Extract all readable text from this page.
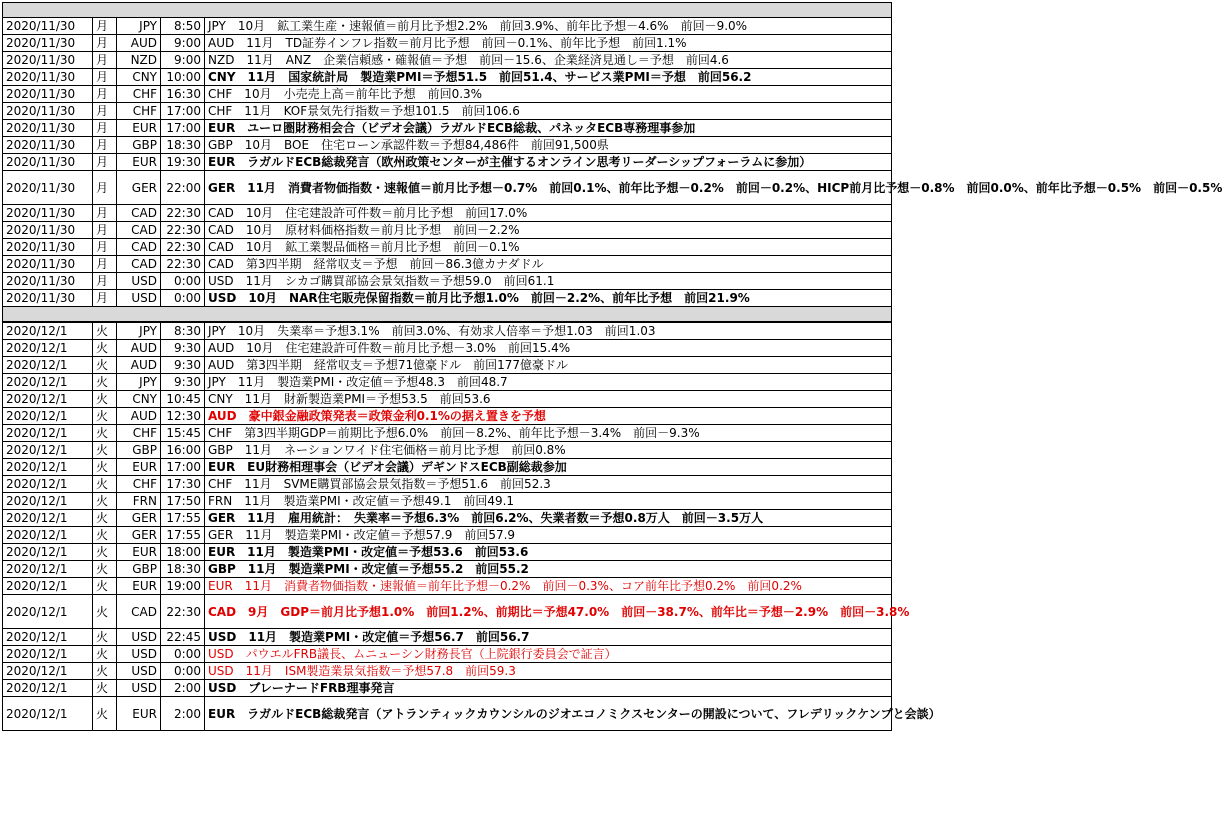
2020/11/30	月	JPY	8:50	JPY　10月　鉱工業生産・速報値＝前月比予想2.2%　前回3.9%、前年比予想－4.6%　前回－9.0%
2020/11/30	月	AUD	9:00	AUD　11月　TD証券インフレ指数＝前月比予想　前回－0.1%、前年比予想　前回1.1%
2020/11/30	月	NZD	9:00	NZD　11月　ANZ　企業信頼感・確報値＝予想　前回－15.6、企業経済見通し＝予想　前回4.6
2020/11/30	月	CNY	10:00	CNY　11月　国家統計局　製造業PMI＝予想51.5　前回51.4、サービス業PMI＝予想　前回56.2
2020/11/30	月	CHF	16:30	CHF　10月　小売売上高＝前年比予想　前回0.3%
2020/11/30	月	CHF	17:00	CHF　11月　KOF景気先行指数＝予想101.5　前回106.6
2020/11/30	月	EUR	17:00	EUR　ユーロ圏財務相会合（ビデオ会議）ラガルドECB総裁、パネッタECB専務理事参加
2020/11/30	月	GBP	18:30	GBP　10月　BOE　住宅ローン承認件数＝予想84,486件　前回91,500県
2020/11/30	月	EUR	19:30	EUR　ラガルドECB総裁発言（欧州政策センターが主催するオンライン思考リーダーシップフォーラムに参加）
2020/11/30	月	GER	22:00	GER　11月　消費者物価指数・速報値＝前月比予想－0.7%　前回0.1%、前年比予想－0.2%　前回－0.2%、HICP前月比予想－0.8%　前回0.0%、前年比予想－0.5%　前回－0.5%
2020/11/30	月	CAD	22:30	CAD　10月　住宅建設許可件数＝前月比予想　前回17.0%
2020/11/30	月	CAD	22:30	CAD　10月　原材料価格指数＝前月比予想　前回－2.2%
2020/11/30	月	CAD	22:30	CAD　10月　鉱工業製品価格＝前月比予想　前回－0.1%
2020/11/30	月	CAD	22:30	CAD　第3四半期　経常収支＝予想　前回－86.3億カナダドル
2020/11/30	月	USD	0:00	USD　11月　シカゴ購買部協会景気指数＝予想59.0　前回61.1
2020/11/30	月	USD	0:00	USD　10月　NAR住宅販売保留指数＝前月比予想1.0%　前回－2.2%、前年比予想　前回21.9%

2020/12/1	火	JPY	8:30	JPY　10月　失業率＝予想3.1%　前回3.0%、有効求人倍率＝予想1.03　前回1.03
2020/12/1	火	AUD	9:30	AUD　10月　住宅建設許可件数＝前月比予想－3.0%　前回15.4%
2020/12/1	火	AUD	9:30	AUD　第3四半期　経常収支＝予想71億豪ドル　前回177億豪ドル
2020/12/1	火	JPY	9:30	JPY　11月　製造業PMI・改定値＝予想48.3　前回48.7
2020/12/1	火	CNY	10:45	CNY　11月　財新製造業PMI＝予想53.5　前回53.6
2020/12/1	火	AUD	12:30	AUD　豪中銀金融政策発表＝政策金利0.1%の据え置きを予想
2020/12/1	火	CHF	15:45	CHF　第3四半期GDP＝前期比予想6.0%　前回－8.2%、前年比予想－3.4%　前回－9.3%
2020/12/1	火	GBP	16:00	GBP　11月　ネーションワイド住宅価格＝前月比予想　前回0.8%
2020/12/1	火	EUR	17:00	EUR　EU財務相理事会（ビデオ会議）デギンドスECB副総裁参加
2020/12/1	火	CHF	17:30	CHF　11月　SVME購買部協会景気指数＝予想51.6　前回52.3
2020/12/1	火	FRN	17:50	FRN　11月　製造業PMI・改定値＝予想49.1　前回49.1
2020/12/1	火	GER	17:55	GER　11月　雇用統計：　失業率＝予想6.3%　前回6.2%、失業者数＝予想0.8万人　前回－3.5万人
2020/12/1	火	GER	17:55	GER　11月　製造業PMI・改定値＝予想57.9　前回57.9
2020/12/1	火	EUR	18:00	EUR　11月　製造業PMI・改定値＝予想53.6　前回53.6
2020/12/1	火	GBP	18:30	GBP　11月　製造業PMI・改定値＝予想55.2　前回55.2
2020/12/1	火	EUR	19:00	EUR　11月　消費者物価指数・速報値＝前年比予想－0.2%　前回－0.3%、コア前年比予想0.2%　前回0.2%
2020/12/1	火	CAD	22:30	CAD　9月　GDP＝前月比予想1.0%　前回1.2%、前期比＝予想47.0%　前回－38.7%、前年比＝予想－2.9%　前回－3.8%
2020/12/1	火	USD	22:45	USD　11月　製造業PMI・改定値＝予想56.7　前回56.7
2020/12/1	火	USD	0:00	USD　パウエルFRB議長、ムニューシン財務長官（上院銀行委員会で証言）
2020/12/1	火	USD	0:00	USD　11月　ISM製造業景気指数＝予想57.8　前回59.3
2020/12/1	火	USD	2:00	USD　ブレーナードFRB理事発言
2020/12/1	火	EUR	2:00	EUR　ラガルドECB総裁発言（アトランティックカウンシルのジオエコノミクスセンターの開設について、フレデリックケンプと会談）
